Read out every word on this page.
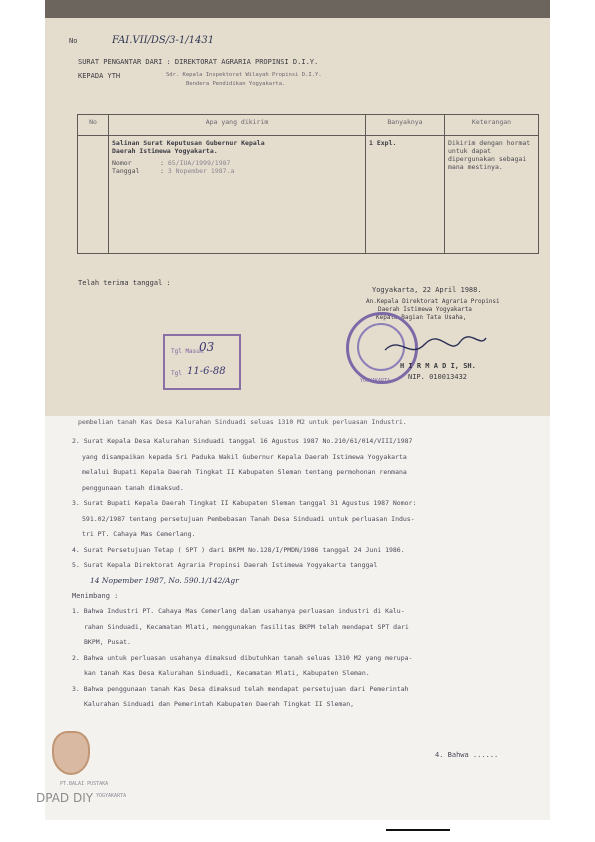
No	FAI.VII/DS/3-1/1431
SURAT PENGANTAR DARI : DIREKTORAT AGRARIA PROPINSI D.I.Y.
KEPADA YTH	Sdr. Kepala Inspektorat Wilayah Propinsi D.I.Y.
Bendera Pendidikan Yogyakarta.
No	Apa yang dikirim	Banyaknya	Keterangan

	Salinan Surat Keputusan Gubernur Kepala
Daerah Istimewa Yogyakarta.
Nomor : 65/IUA/1999/1987
Tanggal : 3 Nopember 1987.a	1 Expl.	Dikirim dengan hormat untuk dapat dipergunakan sebagai mana mestinya.
Telah terima tanggal :
Yogyakarta, 22 April 1988.
An.Kepala Direktorat Agraria Propinsi
Daerah Istimewa Yogyakarta
Kepala Bagian Tata Usaha,
YOGYAKARTA
H I R M A D I, SH.
NIP. 010013432
Tgl Masuk
03
Tgl 11-6-88
pembelian tanah Kas Desa Kalurahan Sinduadi seluas 1310 M2 untuk perluasan Industri.

2. Surat Kepala Desa Kalurahan Sinduadi tanggal 16 Agustus 1987 No.210/61/014/VIII/1987

yang disampaikan kepada Sri Paduka Wakil Gubernur Kepala Daerah Istimewa Yogyakarta

melalui Bupati Kepala Daerah Tingkat II Kabupaten Sleman tentang permohonan renmana

penggunaan tanah dimaksud.

3. Surat Bupati Kepala Daerah Tingkat II Kabupaten Sleman tanggal 31 Agustus 1987 Nomor:

591.02/1987 tentang persetujuan Pembebasan Tanah Desa Sinduadi untuk perluasan Indus-

tri PT. Cahaya Mas Cemerlang.

4. Surat Persetujuan Tetap ( SPT ) dari BKPM No.128/I/PMDN/1986 tanggal 24 Juni 1986.

5. Surat Kepala Direktorat Agraria Propinsi Daerah Istimewa Yogyakarta tanggal

14 Nopember 1987, No. 590.1/142/Agr
Menimbang :

1. Bahwa Industri PT. Cahaya Mas Cemerlang dalam usahanya perluasan industri di Kalu-

rahan Sinduadi, Kecamatan Mlati, menggunakan fasilitas BKPM telah mendapat SPT dari

BKPM, Pusat.

2. Bahwa untuk perluasan usahanya dimaksud dibutuhkan tanah seluas 1310 M2 yang merupa-

kan tanah Kas Desa Kalurahan Sinduadi, Kecamatan Mlati, Kabupaten Sleman.

3. Bahwa penggunaan tanah Kas Desa dimaksud telah mendapat persetujuan dari Pemerintah

Kalurahan Sinduadi dan Pemerintah Kabupaten Daerah Tingkat II Sleman,

4. Bahwa ......
PT.BALAI PUSTAKA
YOGYAKARTA
DPAD DIY
